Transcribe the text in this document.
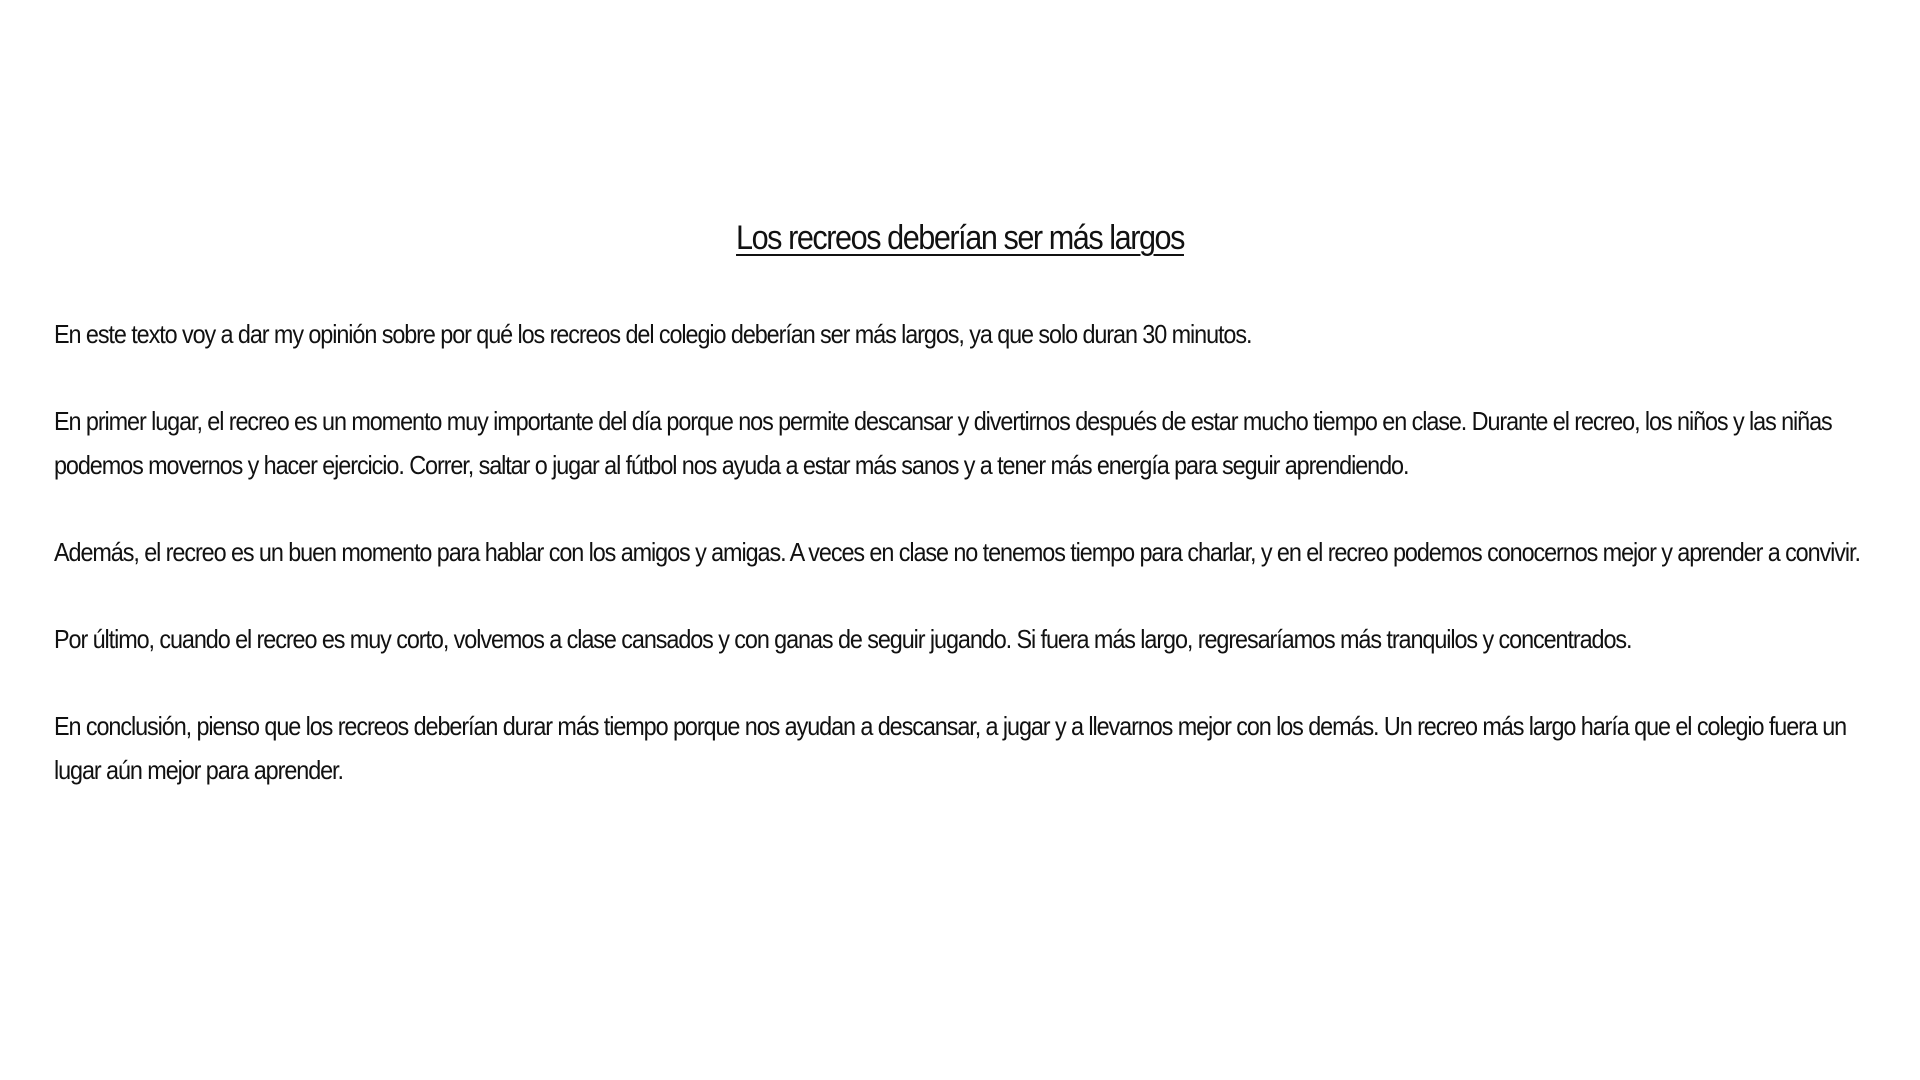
Los recreos deberían ser más largos

En este texto voy a dar my opinión sobre por qué los recreos del colegio deberían ser más largos, ya que solo duran 30 minutos.

En primer lugar, el recreo es un momento muy importante del día porque nos permite descansar y divertirnos después de estar mucho tiempo en clase. Durante el recreo, los niños y las niñas podemos movernos y hacer ejercicio. Correr, saltar o jugar al fútbol nos ayuda a estar más sanos y a tener más energía para seguir aprendiendo.

Además, el recreo es un buen momento para hablar con los amigos y amigas. A veces en clase no tenemos tiempo para charlar, y en el recreo podemos conocernos mejor y aprender a convivir.

Por último, cuando el recreo es muy corto, volvemos a clase cansados y con ganas de seguir jugando. Si fuera más largo, regresaríamos más tranquilos y concentrados.

En conclusión, pienso que los recreos deberían durar más tiempo porque nos ayudan a descansar, a jugar y a llevarnos mejor con los demás. Un recreo más largo haría que el colegio fuera un lugar aún mejor para aprender.
